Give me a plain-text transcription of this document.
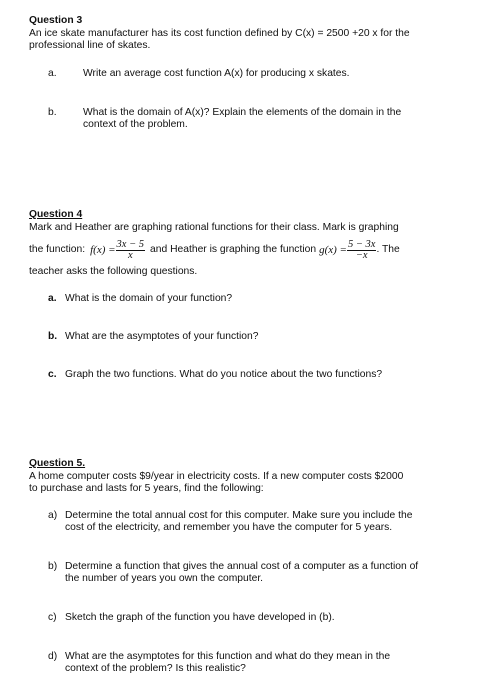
Question 3
An ice skate manufacturer has its cost function defined by C(x) = 2500 +20 x for the
professional line of skates.
a.	Write an average cost function A(x) for producing x skates.
b.	What is the domain of A(x)? Explain the elements of the domain in the
context of the problem.
Question 4
Mark and Heather are graphing rational functions for their class. Mark is graphing
the function: $f(x) = \frac{3x - 5}{x}$ and Heather is graphing the function $g(x) = \frac{5 - 3x}{-x}$ . The
teacher asks the following questions.
a. What is the domain of your function?
b. What are the asymptotes of your function?
c. Graph the two functions. What do you notice about the two functions?
Question 5.
A home computer costs $9/year in electricity costs. If a new computer costs $2000
to purchase and lasts for 5 years, find the following:
a) Determine the total annual cost for this computer. Make sure you include the
cost of the electricity, and remember you have the computer for 5 years.
b) Determine a function that gives the annual cost of a computer as a function of
the number of years you own the computer.
c) Sketch the graph of the function you have developed in (b).
d) What are the asymptotes for this function and what do they mean in the
context of the problem? Is this realistic?
